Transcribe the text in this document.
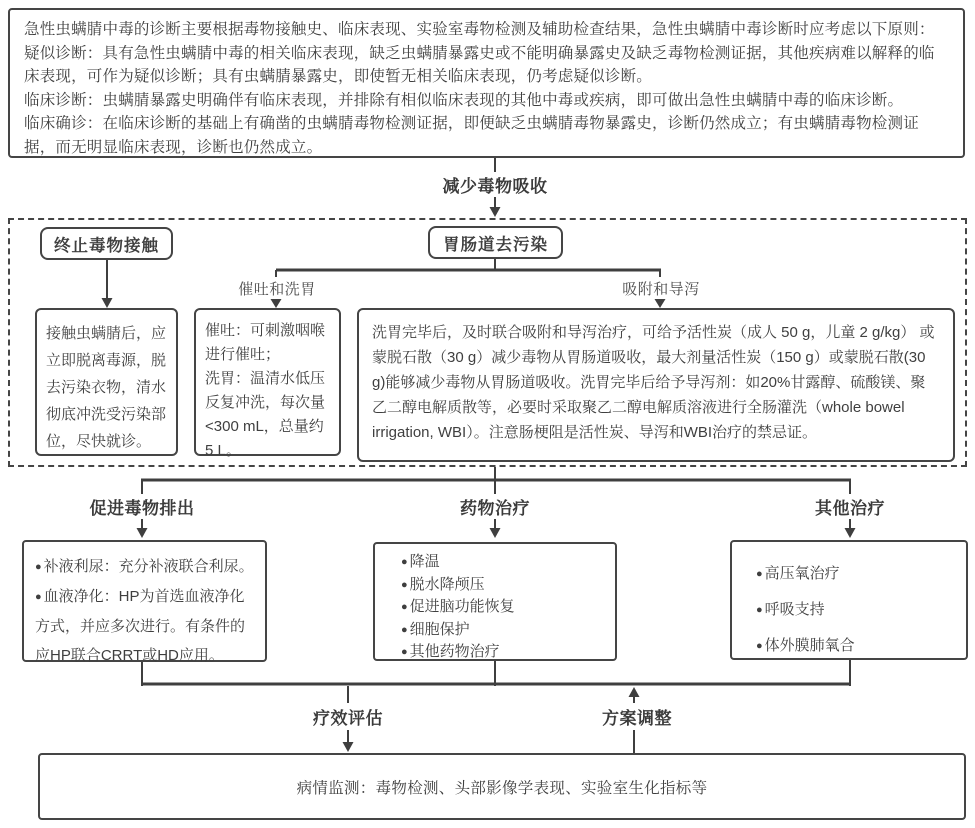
急性虫螨腈中毒的诊断主要根据毒物接触史、临床表现、实验室毒物检测及辅助检查结果，急性虫螨腈中毒诊断时应考虑以下原则：

疑似诊断：具有急性虫螨腈中毒的相关临床表现，缺乏虫螨腈暴露史或不能明确暴露史及缺乏毒物检测证据，其他疾病难以解释的临床表现，可作为疑似诊断；具有虫螨腈暴露史，即使暂无相关临床表现，仍考虑疑似诊断。

临床诊断：虫螨腈暴露史明确伴有临床表现，并排除有相似临床表现的其他中毒或疾病，即可做出急性虫螨腈中毒的临床诊断。

临床确诊：在临床诊断的基础上有确凿的虫螨腈毒物检测证据，即便缺乏虫螨腈毒物暴露史，诊断仍然成立；有虫螨腈毒物检测证据，而无明显临床表现，诊断也仍然成立。

减少毒物吸收
终止毒物接触	胃肠道去污染
催吐和洗胃	吸附和导泻
接触虫螨腈后，应立即脱离毒源，脱去污染衣物，清水彻底冲洗受污染部位，尽快就诊。

催吐：可刺激咽喉进行催吐；

洗胃：温清水低压反复冲洗，每次量<300 mL，总量约5 L。

洗胃完毕后，及时联合吸附和导泻治疗，可给予活性炭（成人 50 g，儿童 2 g/kg） 或蒙脱石散（30 g）减少毒物从胃肠道吸收，最大剂量活性炭（150 g）或蒙脱石散(30 g)能够减少毒物从胃肠道吸收。洗胃完毕后给予导泻剂：如20%甘露醇、硫酸镁、聚乙二醇电解质散等，必要时采取聚乙二醇电解质溶液进行全肠灌洗（whole bowel irrigation, WBI）。注意肠梗阻是活性炭、导泻和WBI治疗的禁忌证。
促进毒物排出	药物治疗	其他治疗

● 补液利尿：充分补液联合利尿。

● 血液净化：HP为首选血液净化方式，并应多次进行。有条件的应HP联合CRRT或HD应用。

● 降温

● 脱水降颅压

● 促进脑功能恢复

● 细胞保护

● 其他药物治疗

● 高压氧治疗

● 呼吸支持

● 体外膜肺氧合

疗效评估	方案调整
病情监测：毒物检测、头部影像学表现、实验室生化指标等
